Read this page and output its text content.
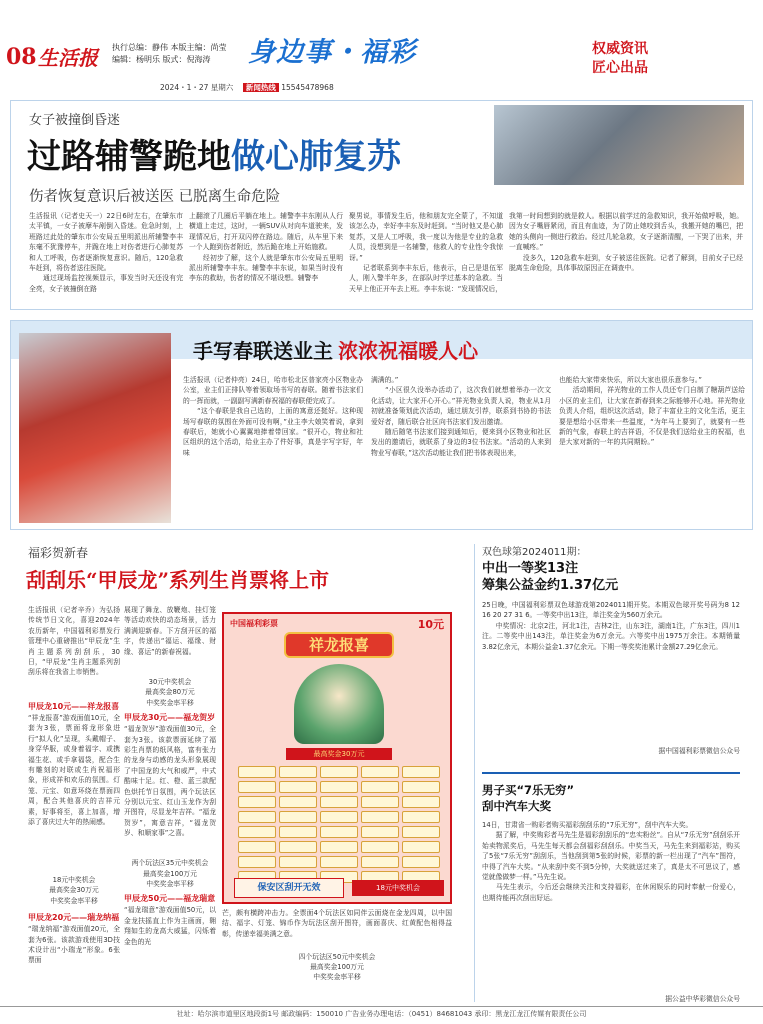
08 生活报 执行总编：静伟 本版主编：尚莹
编辑：杨明乐 版式：倪海涛	身边事・福彩	权威资讯
匠心出品
2024・1・27 星期六 新闻热线 15545478968
女子被撞倒昏迷
过路辅警跪地做心肺复苏
伤者恢复意识后被送医 已脱离生命危险
生活报讯（记者史天一）22日6时左右，在肇东市太平镇，一女子被摩车剐倒入昏迷。危急时刻，上班路过此处的肇东市公安局五里明派出所辅警李丰东毫不犹豫停车，并跪在地上对伤者进行心肺复苏和人工呼吸，伤者逐渐恢复意识。随后，120急救车赶到，将伤者送往医院。
　　通过现场监控视频显示，事发当时天还没有完全亮，女子被撞倒在路
上翻滚了几圈后平躺在地上。辅警李丰东刚从人行横道上走过，这时，一辆SUV从对向车道驶来，发现情况后，打开双闪停在路边。随后，从车里下来一个人跑到伤者附近，然后跪在地上开始施救。
　　经初步了解，这个人就是肇东市公安局五里明派出所辅警李丰东。辅警李丰东说，如果当时没有李东的救助，伤者的情况不堪设想。辅警李
聚男说，事情发生后，他和朋友完全蒙了，不知道该怎么办，幸好李丰东及时赶到。“当时他又是心肺复苏，又是人工呼吸，我一度以为他是专业的急救人员，没想到是一名辅警，他救人的专业性令我惊讶。”
　　记者联系到李丰东后，他表示，自己是退伍军人，刚入警半年多，在部队时学过基本的急救。当天早上他正开车去上班。李丰东说：“发现情况后，
我第一时间想到的就是救人。根据以前学过的急救知识，我开始做呼吸，她。因为女子嘴唇紧闭，而且有血迹，为了防止她咬到舌头，我搬开她的嘴巴，把她的头侧向一侧进行救治。经过几轮急救，女子逐渐清醒，一下哭了出来，并一直喊疼。”
　　没多久，120急救车赶到，女子被送往医院。记者了解到，目前女子已经脱离生命危险，具体事故原因正在调查中。
手写春联送业主 浓浓祝福暖人心
生活报讯（记者仲亮）24日，哈市松北区普家亮小区物业办公室，业主们正排队等着领取场书写的春联。随着书法家们的一挥而就，一副副写满新春祝福的春联便完成了。
　　“这个春联是我自己选的，上面的寓意还挺好。这种现场写春联的氛围在外面可没有啊，”业主李大娘笑着说，拿到春联后，她就小心翼翼地捧着带回家。“很开心，物业和社区组织的这个活动，给业主办了件好事，真是字写字好，年味
满满的。”
　　“小区很久没举办活动了，这次我们就想着举办一次文化活动，让大家开心开心。”祥光物业负责人说，物业从1月初就准备策划此次活动，通过朋友引荐，联系到书协的书法爱好者，随后联合社区向书法家们发出邀请。
　　随后随笔书法家们接到通知后，便来到小区物业和社区发出的邀请后，就联系了身边的3位书法家。“活动的人来到物业写春联，”这次活动能让我们把书体表现出来，
也能给大家带来快乐，所以大家也很乐意参与。”
　　活动期间，祥光物业的工作人员还专门自制了糖葫芦送给小区的业主们，让大家在新春到来之际能够开心地。祥光物业负责人介绍，组织这次活动，除了丰富业主的文化生活，更主要是想给小区带来一些温度，“为年马上要到了，就要有一些新的气象，春联上的吉祥语，不仅是我们送给业主的祝福，也是大家对新的一年的共同期盼。”
福彩贺新春
刮刮乐“甲辰龙”系列生肖票将上市
生活报讯（记者辛乔）为弘扬传统节日文化，喜迎2024年农历新年，中国福利彩票发行管理中心重磅推出“甲辰龙”生肖主题系列刮刮乐，30日，“甲辰龙”生肖主题系列刮刮乐将在我省上市销售。
甲辰龙10元——祥龙报喜
“祥龙报喜”游戏面值10元，全套为3张，票面将龙形象进行“拟人化”呈现，头戴帽子、身穿华服，或身着福字、或携福生花、或手拿福袋，配合生有雕刻的对联或生肖祝福形象，形成祥和欢乐的氛围。灯笼、元宝、如意环绕在票面四周，配合其他喜庆的吉祥元素，好事将至，喜上加喜，增添了喜庆过大年的热闹感。
18元中奖机会
最高奖金30万元
中奖奖金率平移
甲辰龙20元——瑞龙纳福
“瑞龙纳福”游戏面值20元，全套为6张。该款游戏使用3D技术设计出“小瑞龙”形象。6张票面
展现了舞龙、放鞭炮、挂灯笼等活动欢快的动态场景，活力满满迎新春。下方刮开区的福字，传递出“福运、福缘、财缘、喜运”的新春祝福。
30元中奖机会
最高奖金80万元
中奖奖金率平移
甲辰龙30元——福龙贺岁
“福龙贺岁”游戏面值30元，全套为3张。该款票面延续了福彩生肖票的纸风格，富有张力的龙身与动感的龙头形象展现了中国龙的大气和威严，中式酷味十足。红、橙、蓝三款配色烘托节日氛围，两个玩法区分别以元宝、红山玉龙作为刮开图符，尽显龙年吉祥。“福龙贺岁”，寓意吉祥，“福龙贺岁、和顺家事”之喜。
两个玩法区35元中奖机会
最高奖金100万元
中奖奖金率平移
甲辰龙50元——福龙瑞意
“福龙瑞意”游戏面值50元，以金龙扶摇直上作为主画面，翱翔如生的龙高大威猛，闪烁着金色的光
中国福利彩票	10元
祥龙报喜
最高奖金30万元
保安区刮开无效	18元中奖机会
芒，颇有横跨冲击力。全票面4个玩法区如同伴云面烧在金龙四周，以中国结、福字、灯笼、锦币作为玩法区刮开图符，画面喜庆、红黄配色相得益彰，传递幸福美满之意。
四个玩法区50元中奖机会
最高奖金100万元
中奖奖金率平移
双色球第2024011期：
中出一等奖13注
筹集公益金约1.37亿元
25日晚，中国福利彩票双色球游戏第2024011期开奖。本期双色球开奖号码为8 12 16 20 27 31 6。一等奖中出13注，单注奖金为560万余元。
　　中奖情况：北京2注，河北1注，吉林2注，山东3注，湖南1注，广东3注，四川1注。二等奖中出143注，单注奖金为6万余元。六等奖中出1975万余注。本期销量3.82亿余元，本期公益金1.37亿余元。下期一等奖奖池累计金额27.29亿余元。
据中国福利彩票微信公众号
男子买“7乐无穷”
刮中汽车大奖
14日，甘肃省一购彩者购买福彩刮刮乐的“7乐无穷”，刮中汽车大奖。
　　据了解，中奖购彩者马先生是福彩刮刮乐的“忠实粉丝”。自从“7乐无穷”刮刮乐开始卖物派奖后，马先生每天都会刮福彩刮刮乐。中奖当天，马先生来到福彩站，购买了5张“7乐无穷”刮刮乐，当他刮到第5张的时候，彩票的新一栏出现了“汽车”图符，中得了汽车大奖。“从来刮中奖不到5分钟，大奖就送过来了，真是太不可思议了，感觉就像做梦一样。”马先生说。
　　马先生表示，今后还会继续关注和支持福彩，在休闲娱乐的同时奉献一份爱心，也期待能再次刮出好运。
据公益中华彩微信公众号
社址：哈尔滨市道里区地段街1号 邮政编码：150010 广告业务办理电话：（0451）84681043 承印：黑龙江龙江传媒有限责任公司
